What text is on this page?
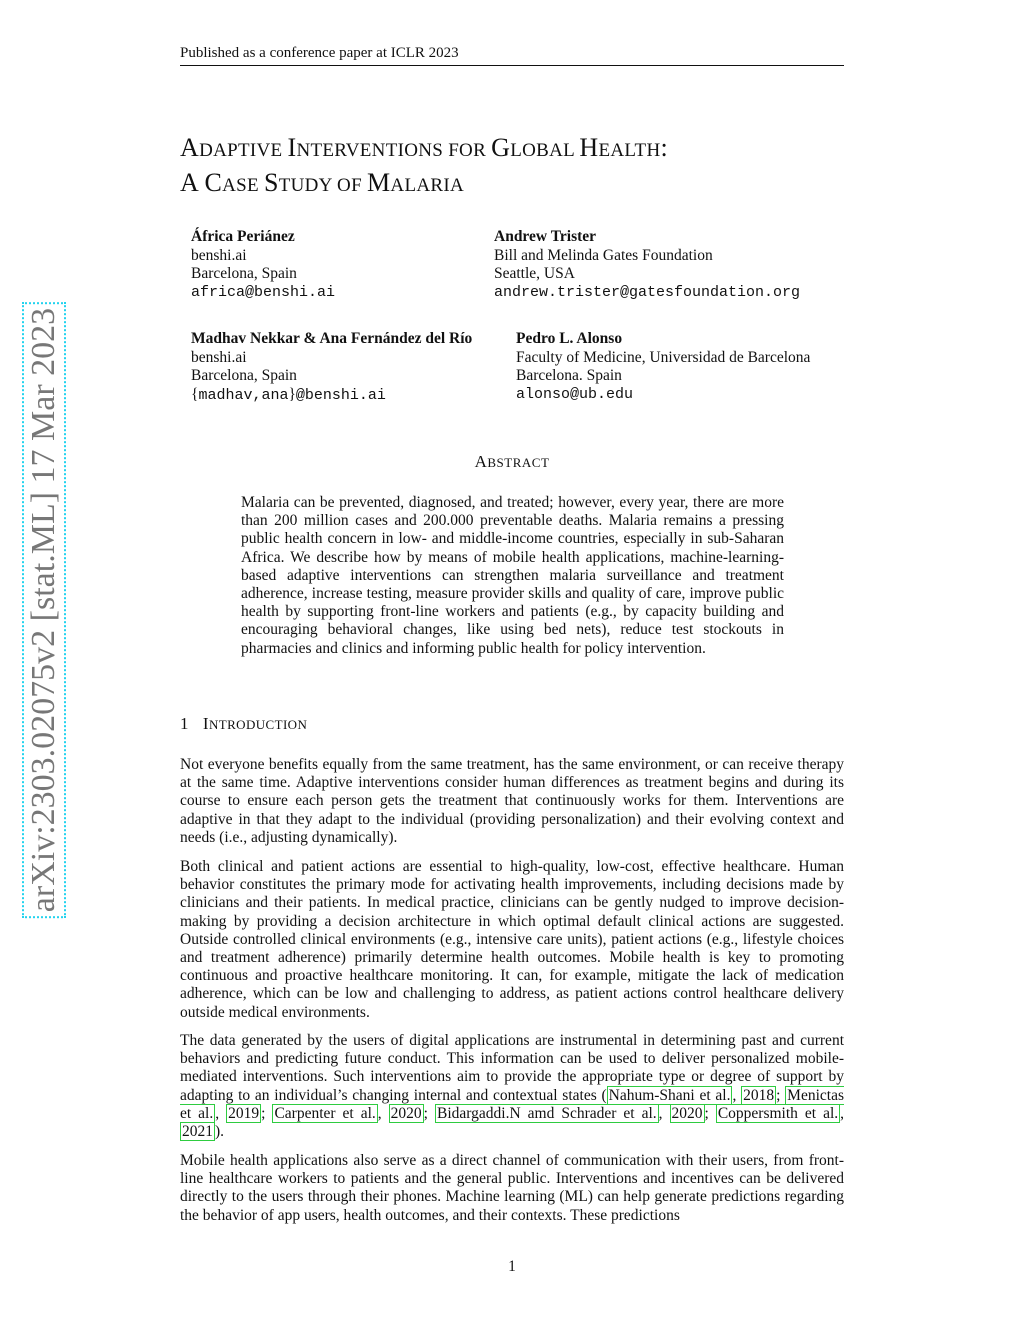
Published as a conference paper at ICLR 2023
arXiv:2303.02075v2 [stat.ML] 17 Mar 2023
ADAPTIVE INTERVENTIONS FOR GLOBAL HEALTH:
A CASE STUDY OF MALARIA
África Periánez
benshi.ai
Barcelona, Spain
africa@benshi.ai
Andrew Trister
Bill and Melinda Gates Foundation
Seattle, USA
andrew.trister@gatesfoundation.org
Madhav Nekkar & Ana Fernández del Río
benshi.ai
Barcelona, Spain
{madhav,ana}@benshi.ai
Pedro L. Alonso
Faculty of Medicine, Universidad de Barcelona
Barcelona. Spain
alonso@ub.edu
ABSTRACT
Malaria can be prevented, diagnosed, and treated; however, every year, there are more than 200 million cases and 200.000 preventable deaths. Malaria remains a pressing public health concern in low- and middle-income countries, especially in sub-Saharan Africa. We describe how by means of mobile health applications, machine-learning-based adaptive interventions can strengthen malaria surveillance and treatment adherence, increase testing, measure provider skills and quality of care, improve public health by supporting front-line workers and patients (e.g., by capacity building and encouraging behavioral changes, like using bed nets), reduce test stockouts in pharmacies and clinics and informing public health for policy intervention.
1 INTRODUCTION
Not everyone benefits equally from the same treatment, has the same environment, or can receive therapy at the same time. Adaptive interventions consider human differences as treatment begins and during its course to ensure each person gets the treatment that continuously works for them. Interventions are adaptive in that they adapt to the individual (providing personalization) and their evolving context and needs (i.e., adjusting dynamically).
Both clinical and patient actions are essential to high-quality, low-cost, effective healthcare. Human behavior constitutes the primary mode for activating health improvements, including decisions made by clinicians and their patients. In medical practice, clinicians can be gently nudged to improve decision-making by providing a decision architecture in which optimal default clinical actions are suggested. Outside controlled clinical environments (e.g., intensive care units), patient actions (e.g., lifestyle choices and treatment adherence) primarily determine health outcomes. Mobile health is key to promoting continuous and proactive healthcare monitoring. It can, for example, mitigate the lack of medication adherence, which can be low and challenging to address, as patient actions control healthcare delivery outside medical environments.
The data generated by the users of digital applications are instrumental in determining past and current behaviors and predicting future conduct. This information can be used to deliver personalized mobile-mediated interventions. Such interventions aim to provide the appropriate type or degree of support by adapting to an individual’s changing internal and contextual states ( Nahum-Shani et al. , 2018 ; Menictas et al. , 2019 ; Carpenter et al. , 2020 ; Bidargaddi.N amd Schrader et al. , 2020 ; Coppersmith et al. , 2021 ).
Mobile health applications also serve as a direct channel of communication with their users, from front-line healthcare workers to patients and the general public. Interventions and incentives can be delivered directly to the users through their phones. Machine learning (ML) can help generate predictions regarding the behavior of app users, health outcomes, and their contexts. These predictions
1
